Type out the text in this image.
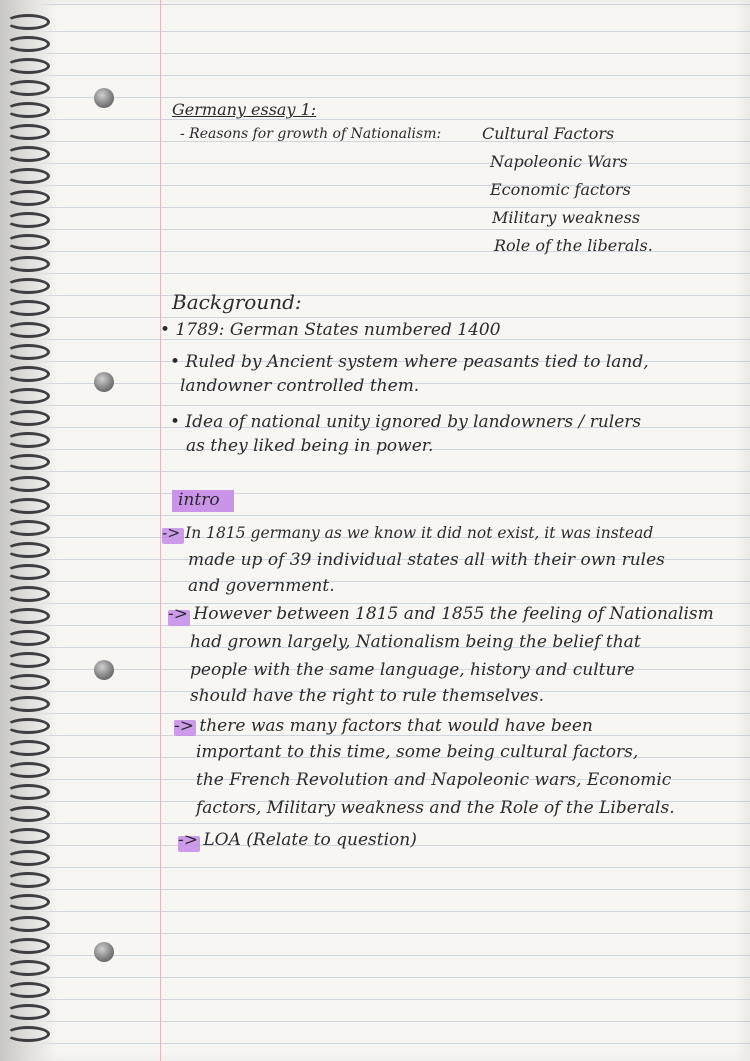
Germany essay 1:
- Reasons for growth of Nationalism:	Cultural Factors
Napoleonic Wars
Economic factors
Military weakness
Role of the liberals.
Background:
• 1789: German States numbered 1400
• Ruled by Ancient system where peasants tied to land,
landowner controlled them.
• Idea of national unity ignored by landowners / rulers
as they liked being in power.
intro
-> In 1815 germany as we know it did not exist, it was instead
made up of 39 individual states all with their own rules
and government.
-> However between 1815 and 1855 the feeling of Nationalism
had grown largely, Nationalism being the belief that
people with the same language, history and culture
should have the right to rule themselves.
-> there was many factors that would have been
important to this time, some being cultural factors,
the French Revolution and Napoleonic wars, Economic
factors, Military weakness and the Role of the Liberals.
-> LOA (Relate to question)
